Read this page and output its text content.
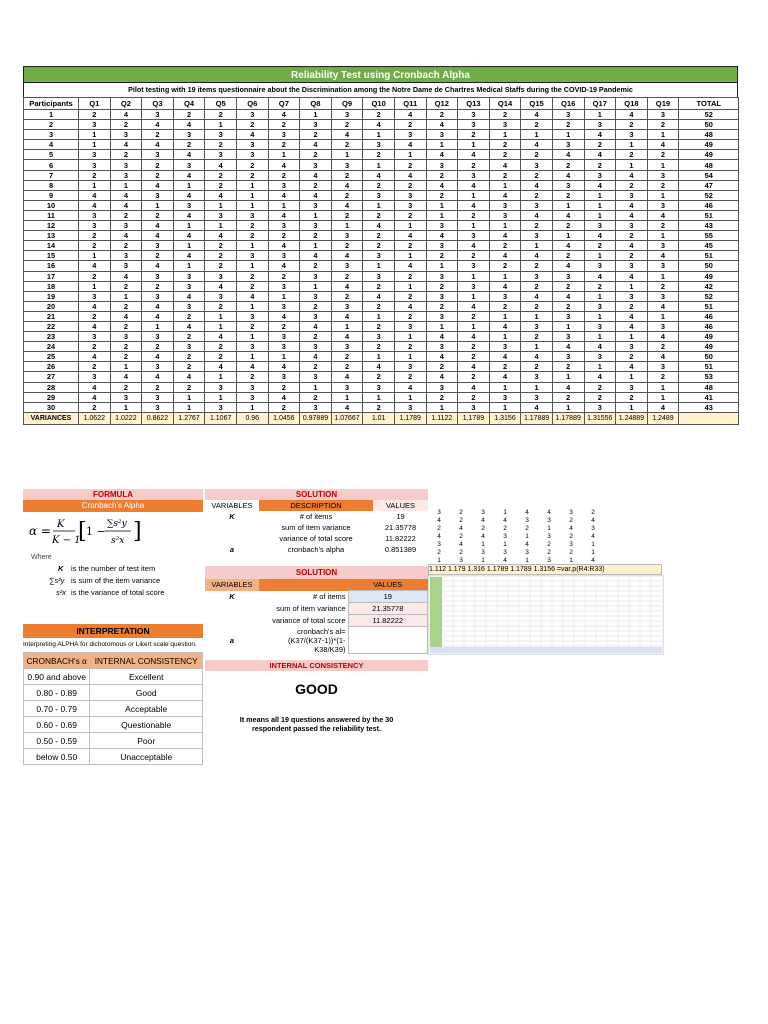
Reliability Test using Cronbach Alpha
Pilot testing with 19 items questionnaire about the Discrimination among the Notre Dame de Chartres Medical Staffs during the COVID-19 Pandemic
Participants	Q1	Q2	Q3	Q4	Q5	Q6	Q7	Q8	Q9	Q10	Q11	Q12	Q13	Q14	Q15	Q16	Q17	Q18	Q19	TOTAL
1	2	4	3	2	2	3	4	1	3	2	4	2	3	2	4	3	1	4	3	52
2	3	2	4	4	1	2	2	3	2	4	2	4	3	3	2	2	3	2	2	50
3	1	3	2	3	3	4	3	2	4	1	3	3	2	1	1	1	4	3	1	48
4	1	4	4	2	2	3	2	4	2	3	4	1	1	2	4	3	2	1	4	49
5	3	2	3	4	3	3	1	2	1	2	1	4	4	2	2	4	4	2	2	49
6	3	3	2	3	4	2	4	3	3	1	2	3	2	4	3	2	2	1	1	48
7	2	3	2	4	2	2	2	4	2	4	4	2	3	2	2	4	3	4	3	54
8	1	1	4	1	2	1	3	2	4	2	2	4	4	1	4	3	4	2	2	47
9	4	4	3	4	4	1	4	4	2	3	3	2	1	4	2	2	1	3	1	52
10	4	4	1	3	1	1	1	3	4	1	3	1	4	3	3	1	1	4	3	46
11	3	2	2	4	3	3	4	1	2	2	2	1	2	3	4	4	1	4	4	51
12	3	3	4	1	1	2	3	3	1	4	1	3	1	1	2	2	3	3	2	43
13	2	4	4	4	4	2	2	2	3	2	4	4	3	4	3	1	4	2	1	55
14	2	2	3	1	2	1	4	1	2	2	2	3	4	2	1	4	2	4	3	45
15	1	3	2	4	2	3	3	4	4	3	1	2	2	4	4	2	1	2	4	51
16	4	3	4	1	2	1	4	2	3	1	4	1	3	2	2	4	3	3	3	50
17	2	4	3	3	3	2	2	3	2	3	2	3	1	1	3	3	4	4	1	49
18	1	2	2	3	4	2	3	1	4	2	1	2	3	4	2	2	2	1	2	42
19	3	1	3	4	3	4	1	3	2	4	2	3	1	3	4	4	1	3	3	52
20	4	2	4	3	2	1	3	2	3	2	4	2	4	2	2	2	3	2	4	51
21	2	4	4	2	1	3	4	3	4	1	2	3	2	1	1	3	1	4	1	46
22	4	2	1	4	1	2	2	4	1	2	3	1	1	4	3	1	3	4	3	46
23	3	3	3	2	4	1	3	2	4	3	1	4	4	1	2	3	1	1	4	49
24	2	2	2	3	2	3	3	3	3	2	2	3	2	3	1	4	4	3	2	49
25	4	2	4	2	2	1	1	4	2	1	1	4	2	4	4	3	3	2	4	50
26	2	1	3	2	4	4	4	2	2	4	3	2	4	2	2	2	1	4	3	51
27	3	4	4	4	1	2	3	3	4	2	2	4	2	4	3	1	4	1	2	53
28	4	2	2	2	3	3	2	1	3	3	4	3	4	1	1	4	2	3	1	48
29	4	3	3	1	1	3	4	2	1	1	1	2	2	3	3	2	2	2	1	41
30	2	1	3	1	3	1	2	3	4	2	3	1	3	1	4	1	3	1	4	43
VARIANCES	1.0622	1.0222	0.8622	1.2767	1.1067	0.96	1.0456	0.97889	1.07667	1.01	1.1789	1.1122	1.1789	1.3156	1.17889	1.17889	1.31556	1.24889	1.2489	
FORMULA
Cronbach's Alpha
α = K
K − 1
[ 1 −
∑s²y
s²x ]
Where
K is the number of test item
∑s²y is sum of the item variance
s²x is the variance of total score
INTERPRETATION
Interpreting ALPHA for dichotomous or Likert scale question.
CRONBACH's α	INTERNAL CONSISTENCY
0.90 and above	Excellent
0.80 - 0.89	Good
0.70 - 0.79	Acceptable
0.60 - 0.69	Questionable
0.50 - 0.59	Poor
below 0.50	Unacceptable
SOLUTION
VARIABLES	DESCRIPTION	VALUES
K	# of items	19
	sum of item variance	21.35778
	variance of total score	11.82222
a	cronbach's alpha	0.851389
SOLUTION
VARIABLES		VALUES
K	# of items	19
	sum of item variance	21.35778
	variance of total score	11.82222
a	cronbach's al=(K37/(K37-1))*(1-K38/K39)	
INTERNAL CONSISTENCY
GOOD
It means all 19 questions answered by the 30 respondent passed the reliability test.
3	2	3	1	4	4	3	2
4	2	4	4	3	3	2	4
2	4	2	2	2	1	4	3
4	2	4	3	1	3	2	4
3	4	1	1	4	2	3	1
2	2	3	3	3	2	2	1
1	3	1	4	1	3	1	4
1.112 1.179 1.316 1.1789 1.1789 1.3156 =var.p(R4:R33)
